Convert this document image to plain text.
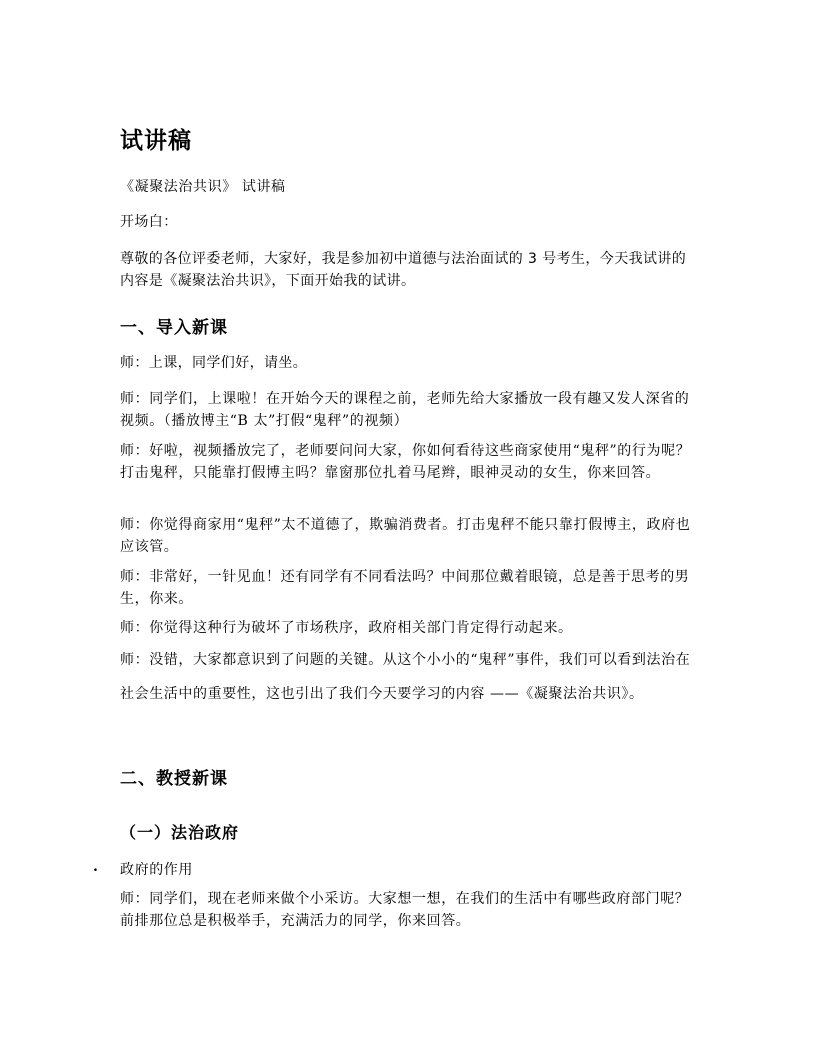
试讲稿

《凝聚法治共识》 试讲稿

开场白：

尊敬的各位评委老师，大家好，我是参加初中道德与法治面试的 3 号考生，今天我试讲的内容是《凝聚法治共识》，下面开始我的试讲。

一、导入新课

师：上课，同学们好，请坐。

师：同学们，上课啦！在开始今天的课程之前，老师先给大家播放一段有趣又发人深省的视频。（播放博主“B 太”打假“鬼秤”的视频）

师：好啦，视频播放完了，老师要问问大家，你如何看待这些商家使用“鬼秤”的行为呢？打击鬼秤，只能靠打假博主吗？靠窗那位扎着马尾辫，眼神灵动的女生，你来回答。

师：你觉得商家用“鬼秤”太不道德了，欺骗消费者。打击鬼秤不能只靠打假博主，政府也应该管。

师：非常好，一针见血！还有同学有不同看法吗？中间那位戴着眼镜，总是善于思考的男生，你来。

师：你觉得这种行为破坏了市场秩序，政府相关部门肯定得行动起来。

师：没错，大家都意识到了问题的关键。从这个小小的“鬼秤”事件，我们可以看到法治在社会生活中的重要性，这也引出了我们今天要学习的内容 ——《凝聚法治共识》。

二、教授新课
（一）法治政府
. 政府的作用

师：同学们，现在老师来做个小采访。大家想一想，在我们的生活中有哪些政府部门呢？前排那位总是积极举手，充满活力的同学，你来回答。
